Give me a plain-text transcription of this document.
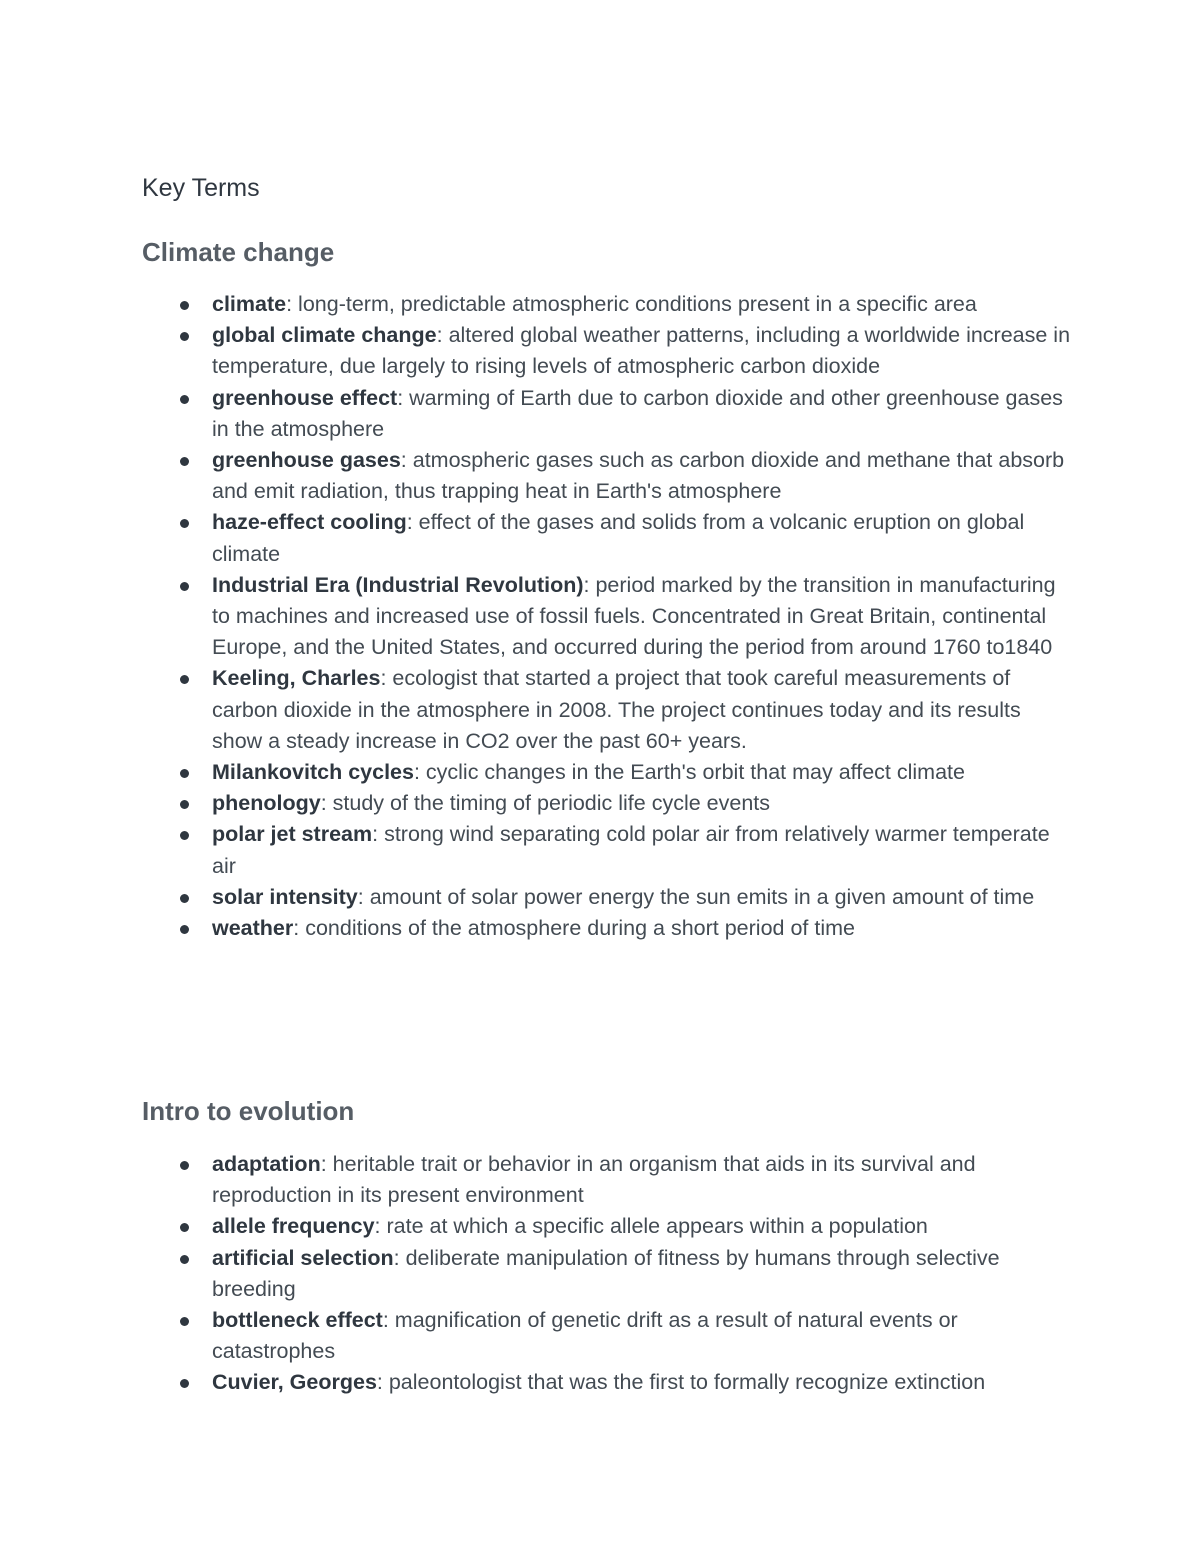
Key Terms
Climate change
climate: long-term, predictable atmospheric conditions present in a specific area
global climate change: altered global weather patterns, including a worldwide increase in temperature, due largely to rising levels of atmospheric carbon dioxide
greenhouse effect: warming of Earth due to carbon dioxide and other greenhouse gases in the atmosphere
greenhouse gases: atmospheric gases such as carbon dioxide and methane that absorb and emit radiation, thus trapping heat in Earth's atmosphere
haze-effect cooling: effect of the gases and solids from a volcanic eruption on global climate
Industrial Era (Industrial Revolution): period marked by the transition in manufacturing to machines and increased use of fossil fuels. Concentrated in Great Britain, continental Europe, and the United States, and occurred during the period from around 1760 to1840
Keeling, Charles: ecologist that started a project that took careful measurements of carbon dioxide in the atmosphere in 2008. The project continues today and its results show a steady increase in CO2 over the past 60+ years.
Milankovitch cycles: cyclic changes in the Earth's orbit that may affect climate
phenology: study of the timing of periodic life cycle events
polar jet stream: strong wind separating cold polar air from relatively warmer temperate air
solar intensity: amount of solar power energy the sun emits in a given amount of time
weather: conditions of the atmosphere during a short period of time
Intro to evolution
adaptation: heritable trait or behavior in an organism that aids in its survival and reproduction in its present environment
allele frequency: rate at which a specific allele appears within a population
artificial selection: deliberate manipulation of fitness by humans through selective breeding
bottleneck effect: magnification of genetic drift as a result of natural events or catastrophes
Cuvier, Georges: paleontologist that was the first to formally recognize extinction
